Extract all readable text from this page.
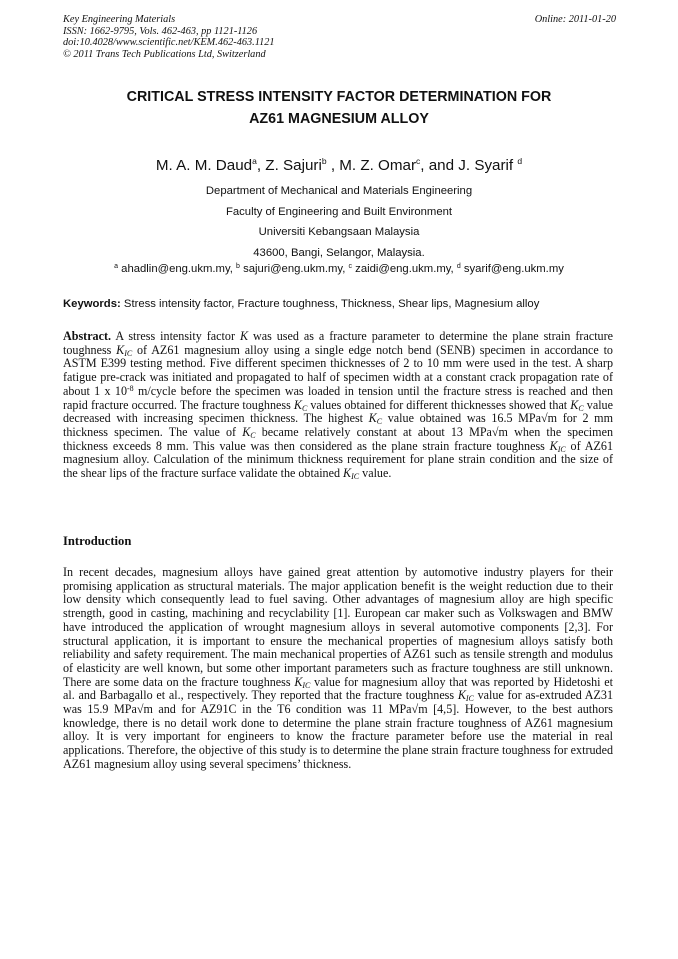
Key Engineering Materials
ISSN: 1662-9795, Vols. 462-463, pp 1121-1126
doi:10.4028/www.scientific.net/KEM.462-463.1121
© 2011 Trans Tech Publications Ltd, Switzerland
Online: 2011-01-20
CRITICAL STRESS INTENSITY FACTOR DETERMINATION FOR
AZ61 MAGNESIUM ALLOY
M. A. M. Daud$^a$, Z. Sajuri$^b$ , M. Z. Omar$^c$, and J. Syarif $^d$
Department of Mechanical and Materials Engineering
Faculty of Engineering and Built Environment
Universiti Kebangsaan Malaysia
43600, Bangi, Selangor, Malaysia.
$^a$ ahadlin@eng.ukm.my, $^b$ sajuri@eng.ukm.my, $^c$ zaidi@eng.ukm.my, $^d$ syarif@eng.ukm.my
Keywords: Stress intensity factor, Fracture toughness, Thickness, Shear lips, Magnesium alloy

Abstract. A stress intensity factor K was used as a fracture parameter to determine the plane strain fracture toughness $K_{IC}$ of AZ61 magnesium alloy using a single edge notch bend (SENB) specimen in accordance to ASTM E399 testing method. Five different specimen thicknesses of 2 to 10 mm were used in the test. A sharp fatigue pre-crack was initiated and propagated to half of specimen width at a constant crack propagation rate of about 1 x $10^{-8}$ m/cycle before the specimen was loaded in tension until the fracture stress is reached and then rapid fracture occurred. The fracture toughness $K_C$ values obtained for different thicknesses showed that $K_C$ value decreased with increasing specimen thickness. The highest $K_C$ value obtained was 16.5 MPa√m for 2 mm thickness specimen. The value of $K_C$ became relatively constant at about 13 MPa√m when the specimen thickness exceeds 8 mm. This value was then considered as the plane strain fracture toughness $K_{IC}$ of AZ61 magnesium alloy. Calculation of the minimum thickness requirement for plane strain condition and the size of the shear lips of the fracture surface validate the obtained $K_{IC}$ value.

Introduction

In recent decades, magnesium alloys have gained great attention by automotive industry players for their promising application as structural materials. The major application benefit is the weight reduction due to their low density which consequently lead to fuel saving. Other advantages of magnesium alloy are high specific strength, good in casting, machining and recyclability [1]. European car maker such as Volkswagen and BMW have introduced the application of wrought magnesium alloys in several automotive components [2,3]. For structural application, it is important to ensure the mechanical properties of magnesium alloys satisfy both reliability and safety requirement. The main mechanical properties of AZ61 such as tensile strength and modulus of elasticity are well known, but some other important parameters such as fracture toughness are still unknown. There are some data on the fracture toughness $K_{IC}$ value for magnesium alloy that was reported by Hidetoshi et al. and Barbagallo et al., respectively. They reported that the fracture toughness $K_{IC}$ value for as-extruded AZ31 was 15.9 MPa√m and for AZ91C in the T6 condition was 11 MPa√m [4,5]. However, to the best authors knowledge, there is no detail work done to determine the plane strain fracture toughness of AZ61 magnesium alloy. It is very important for engineers to know the fracture parameter before use the material in real applications. Therefore, the objective of this study is to determine the plane strain fracture toughness for extruded AZ61 magnesium alloy using several specimens’ thickness.
